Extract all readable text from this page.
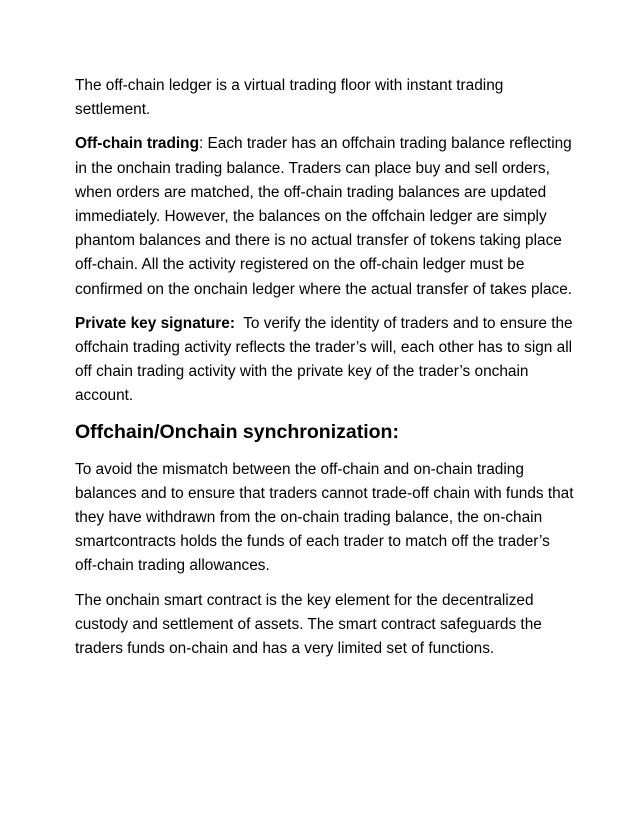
The off-chain ledger is a virtual trading floor with instant trading settlement.

Off-chain trading: Each trader has an offchain trading balance reflecting in the onchain trading balance. Traders can place buy and sell orders, when orders are matched, the off-chain trading balances are updated immediately. However, the balances on the offchain ledger are simply phantom balances and there is no actual transfer of tokens taking place off-chain. All the activity registered on the off-chain ledger must be confirmed on the onchain ledger where the actual transfer of takes place.

Private key signature:  To verify the identity of traders and to ensure the offchain trading activity reflects the trader’s will, each other has to sign all off chain trading activity with the private key of the trader’s onchain account.

Offchain/Onchain synchronization:

To avoid the mismatch between the off-chain and on-chain trading balances and to ensure that traders cannot trade-off chain with funds that they have withdrawn from the on-chain trading balance, the on-chain smartcontracts holds the funds of each trader to match off the trader’s off-chain trading allowances.

The onchain smart contract is the key element for the decentralized custody and settlement of assets. The smart contract safeguards the traders funds on-chain and has a very limited set of functions.
